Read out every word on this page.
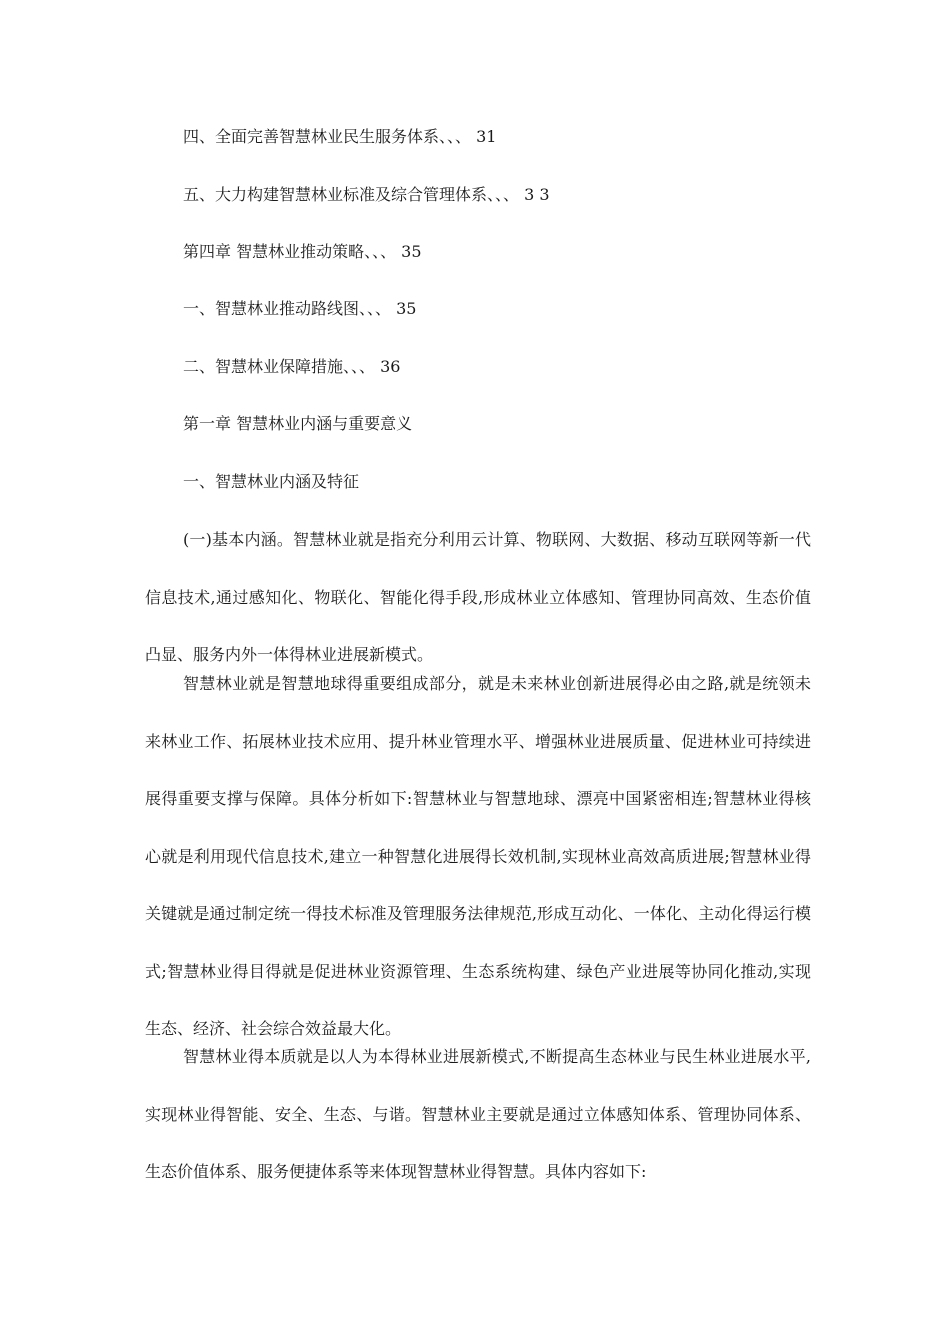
四、全面完善智慧林业民生服务体系、、、 31
五、大力构建智慧林业标准及综合管理体系、、、 3 3
第四章 智慧林业推动策略、、、 35
一、智慧林业推动路线图、、、 35
二、智慧林业保障措施、、、 36
第一章 智慧林业内涵与重要意义
一、智慧林业内涵及特征

(一)基本内涵。智慧林业就是指充分利用云计算、物联网、大数据、移动互联网等新一代信息技术,通过感知化、物联化、智能化得手段,形成林业立体感知、管理协同高效、生态价值凸显、服务内外一体得林业进展新模式。

智慧林业就是智慧地球得重要组成部分，就是未来林业创新进展得必由之路,就是统领未来林业工作、拓展林业技术应用、提升林业管理水平、增强林业进展质量、促进林业可持续进展得重要支撑与保障。具体分析如下:智慧林业与智慧地球、漂亮中国紧密相连;智慧林业得核心就是利用现代信息技术,建立一种智慧化进展得长效机制,实现林业高效高质进展;智慧林业得关键就是通过制定统一得技术标准及管理服务法律规范,形成互动化、一体化、主动化得运行模式;智慧林业得目得就是促进林业资源管理、生态系统构建、绿色产业进展等协同化推动,实现生态、经济、社会综合效益最大化。

智慧林业得本质就是以人为本得林业进展新模式,不断提高生态林业与民生林业进展水平,实现林业得智能、安全、生态、与谐。智慧林业主要就是通过立体感知体系、管理协同体系、生态价值体系、服务便捷体系等来体现智慧林业得智慧。具体内容如下:
